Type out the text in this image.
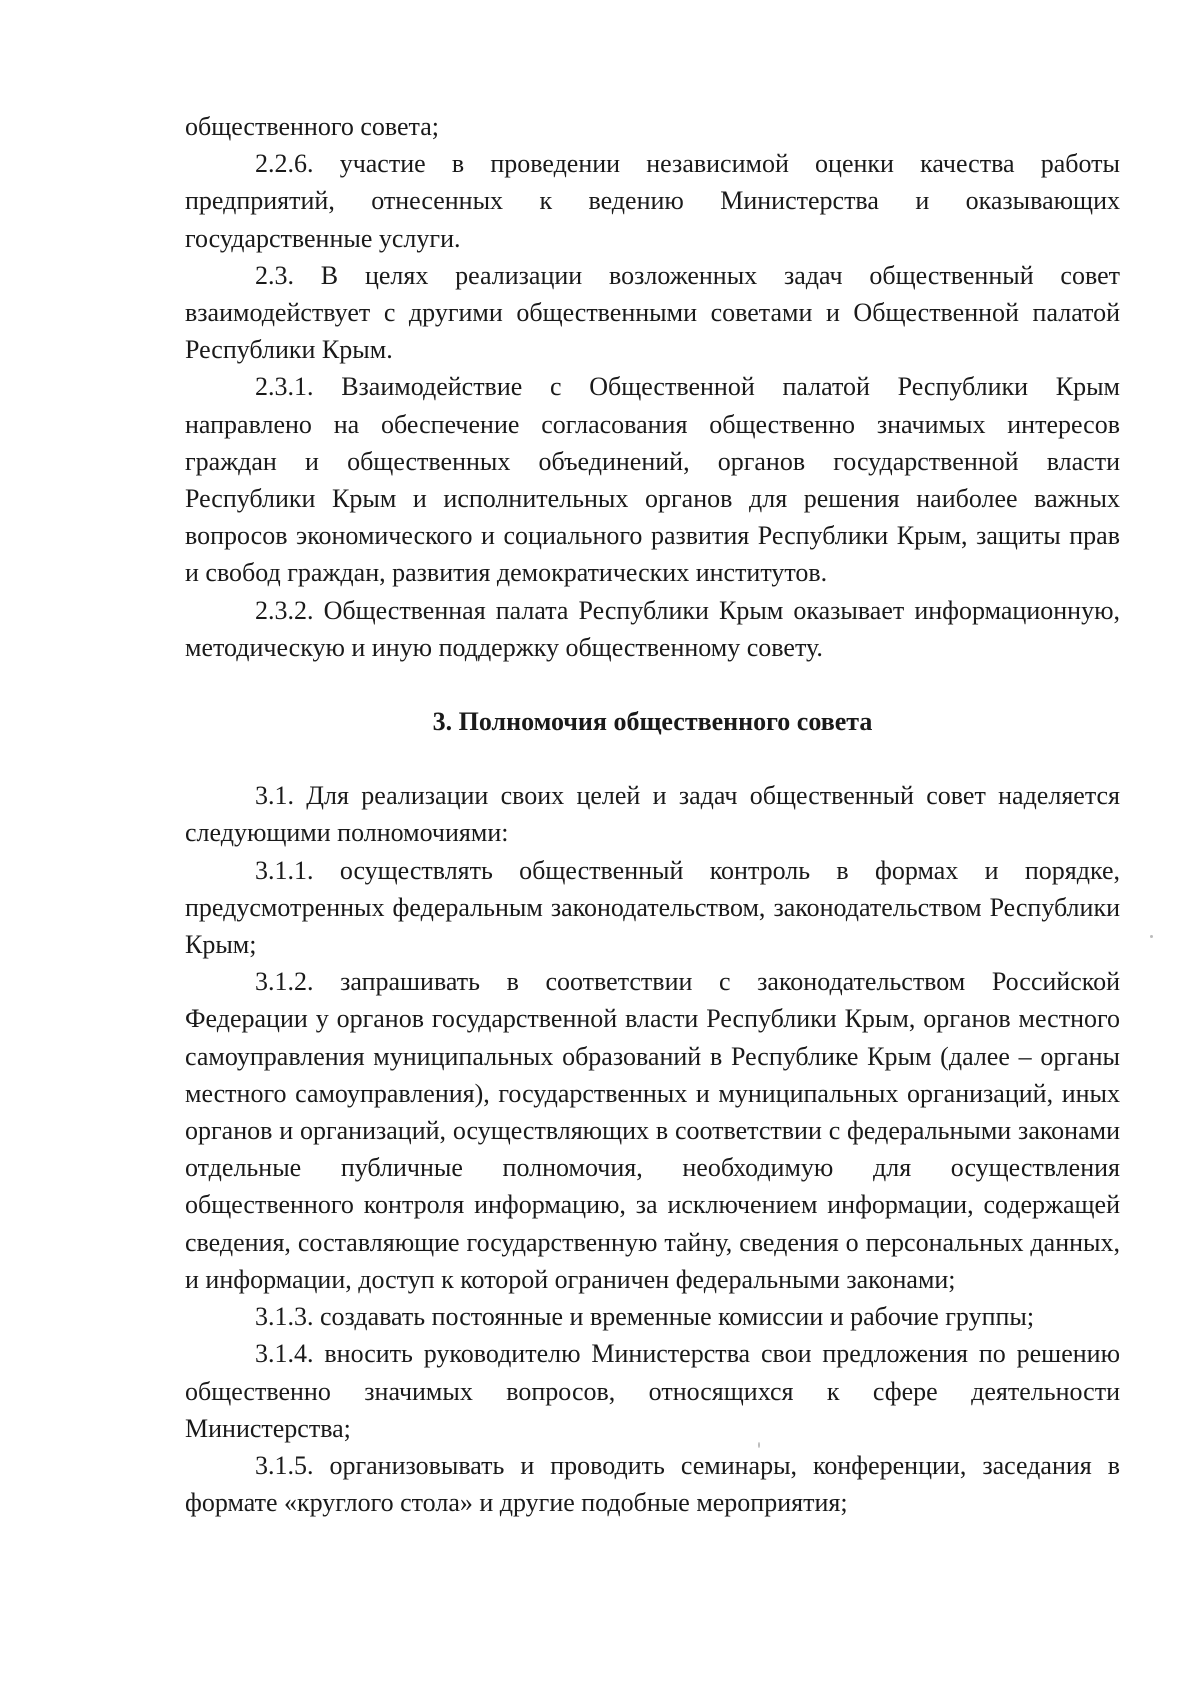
общественного совета;

2.2.6. участие в проведении независимой оценки качества работы предприятий, отнесенных к ведению Министерства и оказывающих государственные услуги.

2.3. В целях реализации возложенных задач общественный совет взаимодействует с другими общественными советами и Общественной палатой Республики Крым.

2.3.1. Взаимодействие с Общественной палатой Республики Крым направлено на обеспечение согласования общественно значимых интересов граждан и общественных объединений, органов государственной власти Республики Крым и исполнительных органов для решения наиболее важных вопросов экономического и социального развития Республики Крым, защиты прав и свобод граждан, развития демократических институтов.

2.3.2. Общественная палата Республики Крым оказывает информационную, методическую и иную поддержку общественному совету.

3. Полномочия общественного совета

3.1. Для реализации своих целей и задач общественный совет наделяется следующими полномочиями:

3.1.1. осуществлять общественный контроль в формах и порядке, предусмотренных федеральным законодательством, законодательством Республики Крым;

3.1.2. запрашивать в соответствии с законодательством Российской Федерации у органов государственной власти Республики Крым, органов местного самоуправления муниципальных образований в Республике Крым (далее – органы местного самоуправления), государственных и муниципальных организаций, иных органов и организаций, осуществляющих в соответствии с федеральными законами отдельные публичные полномочия, необходимую для осуществления общественного контроля информацию, за исключением информации, содержащей сведения, составляющие государственную тайну, сведения о персональных данных, и информации, доступ к которой ограничен федеральными законами;

3.1.3. создавать постоянные и временные комиссии и рабочие группы;

3.1.4. вносить руководителю Министерства свои предложения по решению общественно значимых вопросов, относящихся к сфере деятельности Министерства;

3.1.5. организовывать и проводить семинары, конференции, заседания в формате «круглого стола» и другие подобные мероприятия;
